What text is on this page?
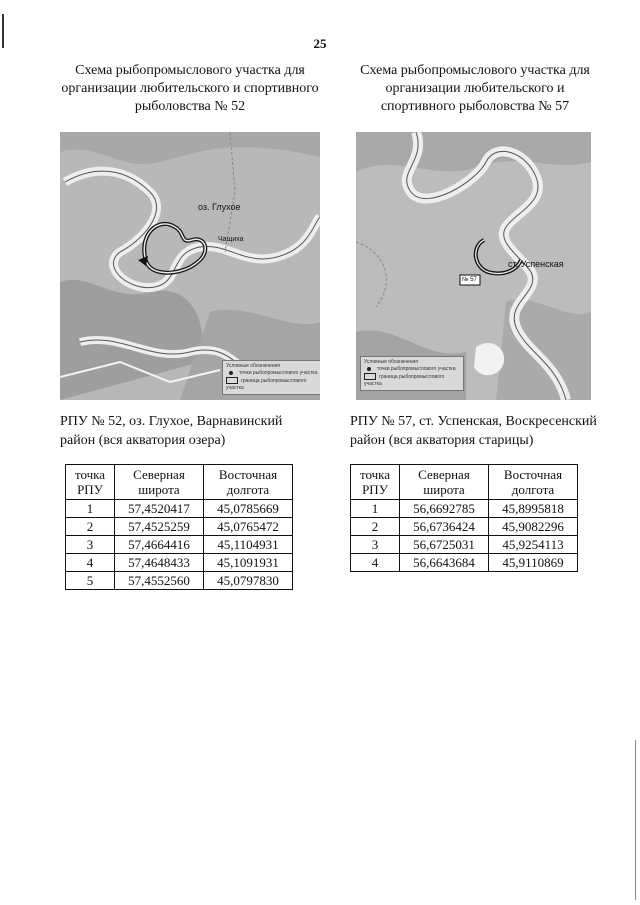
25

Схема рыбопромыслового участка для организации любительского и спортивного рыболовства № 52

оз. Глухое
Чащиха
Условные обозначения
точки рыбопромыслового участка
граница рыбопромыслового участка

РПУ № 52, оз. Глухое, Варнавинский район (вся акватория озера)

точка РПУ	Северная широта	Восточная долгота
1	57,4520417	45,0785669
2	57,4525259	45,0765472
3	57,4664416	45,1104931
4	57,4648433	45,1091931
5	57,4552560	45,0797830

Схема рыбопромыслового участка для организации любительского и спортивного рыболовства № 57

№ 57
ст. Успенская
Условные обозначения
точки рыбопромыслового участка
граница рыбопромыслового участка

РПУ № 57, ст. Успенская, Воскресенский район (вся акватория старицы)

точка РПУ	Северная широта	Восточная долгота
1	56,6692785	45,8995818
2	56,6736424	45,9082296
3	56,6725031	45,9254113
4	56,6643684	45,9110869
